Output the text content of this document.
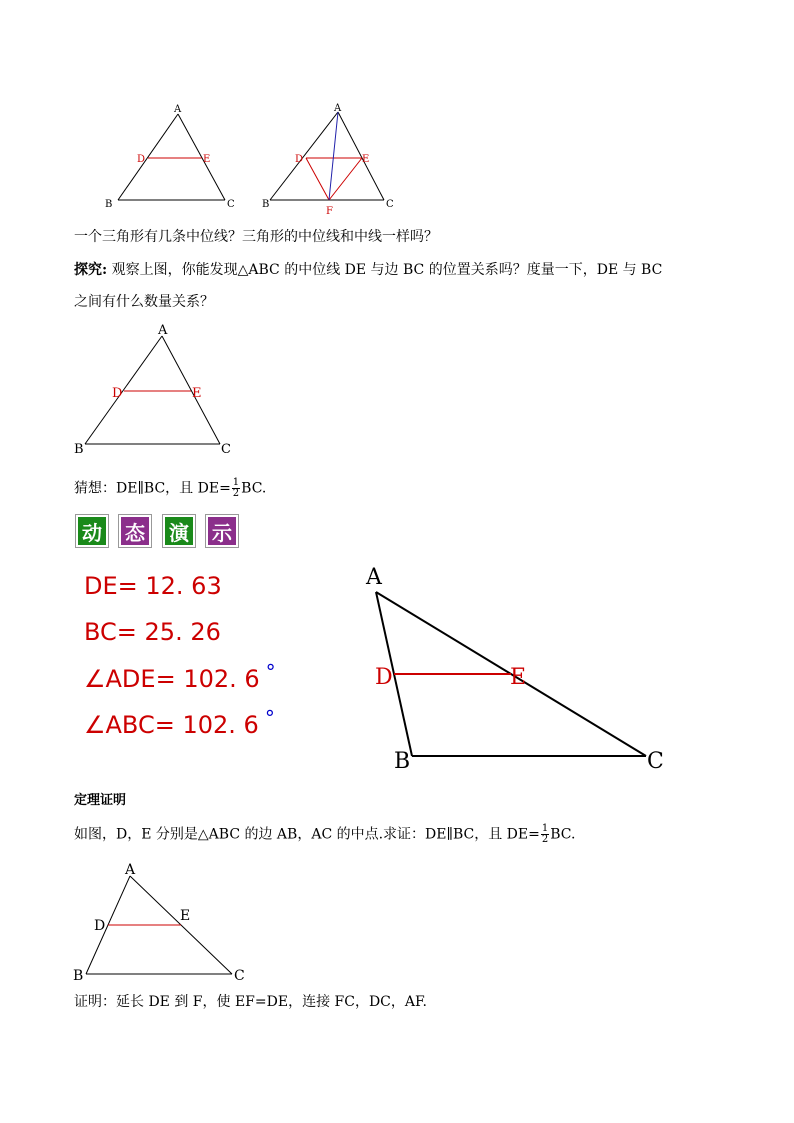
A
B	C
D	E
A
B	C
D	E
F
一个三角形有几条中位线？三角形的中位线和中线一样吗？
探究: 观察上图，你能发现△ABC 的中位线 DE 与边 BC 的位置关系吗？度量一下，DE 与 BC
之间有什么数量关系？
A
B	C
D	E
猜想：DE∥BC，且 $DE= \frac{1}{2}$ BC.
动	态	演	示
DE= 12. 63
BC= 25. 26
∠ADE= 102. 6 °
∠ABC= 102. 6 °
A
B	C
D	E
定理证明
如图，D，E 分别是△ABC 的边 AB，AC 的中点.求证：DE∥BC，且 $DE= \frac{1}{2}$ BC.
A
B	C
D
E
证明：延长 DE 到 F，使 EF=DE，连接 FC，DC，AF.
